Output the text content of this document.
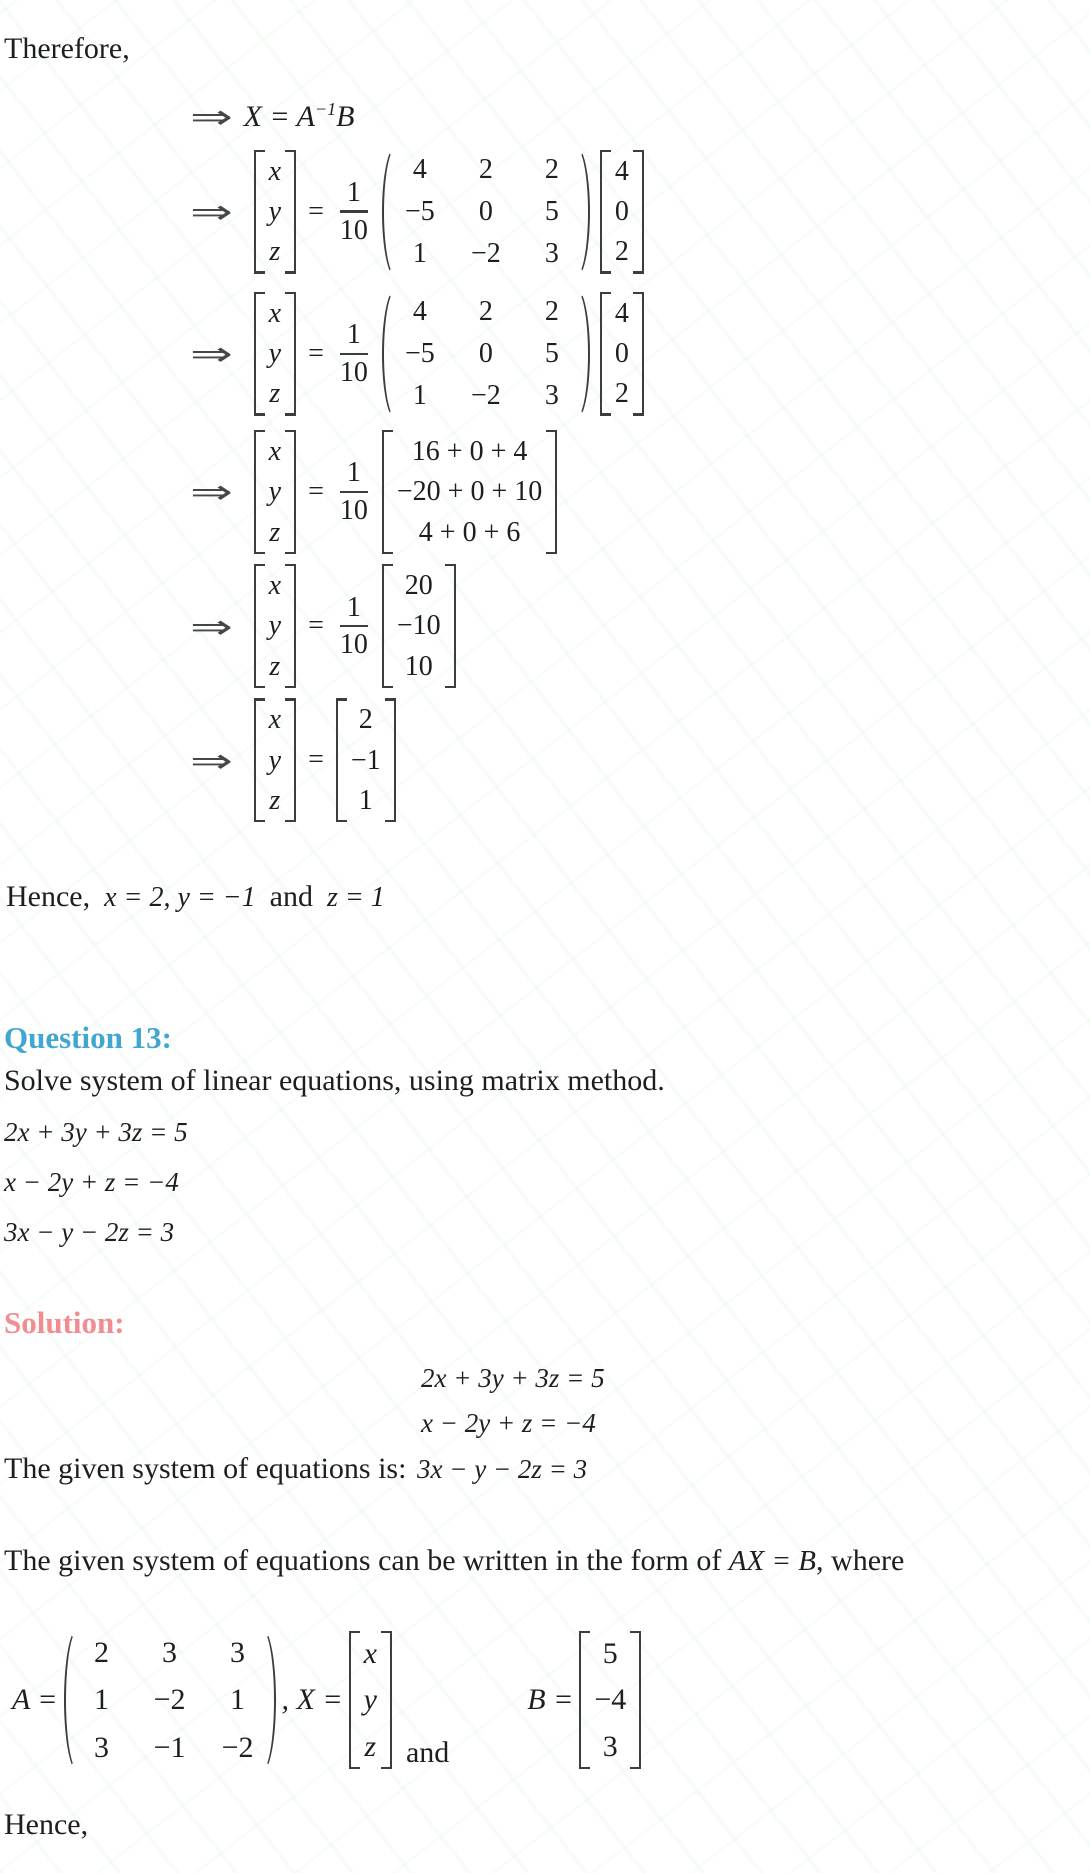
Therefore,

⇒ $X = A^{-1}B$
⇒
x
y
z
= $\frac{1}{10}$
4 2 2
−5 0 5
1 −2 3
4
0
2
⇒
x
y
z
= $\frac{1}{10}$
4 2 2
−5 0 5
1 −2 3
4
0
2
⇒
x
y
z
= $\frac{1}{10}$
16 + 0 + 4
−20 + 0 + 10
4 + 0 + 6
⇒
x
y
z
= $\frac{1}{10}$
20
−10
10
⇒
x
y
z
=
2
−1
1
Hence, x = 2, y = −1 and z = 1
Question 13:

Solve system of linear equations, using matrix method.

2x + 3y + 3z = 5

x − 2y + z = −4

3x − y − 2z = 3

Solution:

2x + 3y + 3z = 5

x − 2y + z = −4

The given system of equations is: 3x − y − 2z = 3

The given system of equations can be written in the form of AX = B, where

A =
2 3 3
1 −2 1
3 −1 −2
, X =
x
y
z and
B =
5
−4
3

Hence,
